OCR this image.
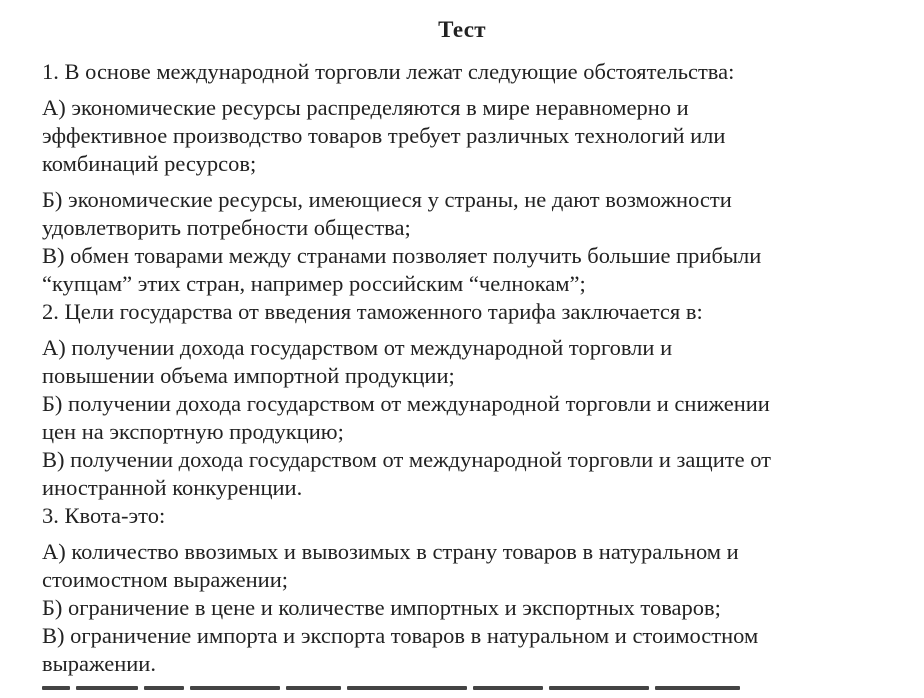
Тест

1. В основе международной торговли лежат следующие обстоятельства:

А) экономические ресурсы распределяются в мире неравномерно и

эффективное производство товаров требует различных технологий или

комбинаций ресурсов;

Б) экономические ресурсы, имеющиеся у страны, не дают возможности

удовлетворить потребности общества;

В) обмен товарами между странами позволяет получить большие прибыли

“купцам” этих стран, например российским “челнокам”;

2. Цели государства от введения таможенного тарифа заключается в:

А) получении дохода государством от международной торговли и

повышении объема импортной продукции;

Б) получении дохода государством от международной торговли и снижении

цен на экспортную продукцию;

В) получении дохода государством от международной торговли и защите от

иностранной конкуренции.

3. Квота-это:

А) количество ввозимых и вывозимых в страну товаров в натуральном и

стоимостном выражении;

Б) ограничение в цене и количестве импортных и экспортных товаров;

В) ограничение импорта и экспорта товаров в натуральном и стоимостном

выражении.
